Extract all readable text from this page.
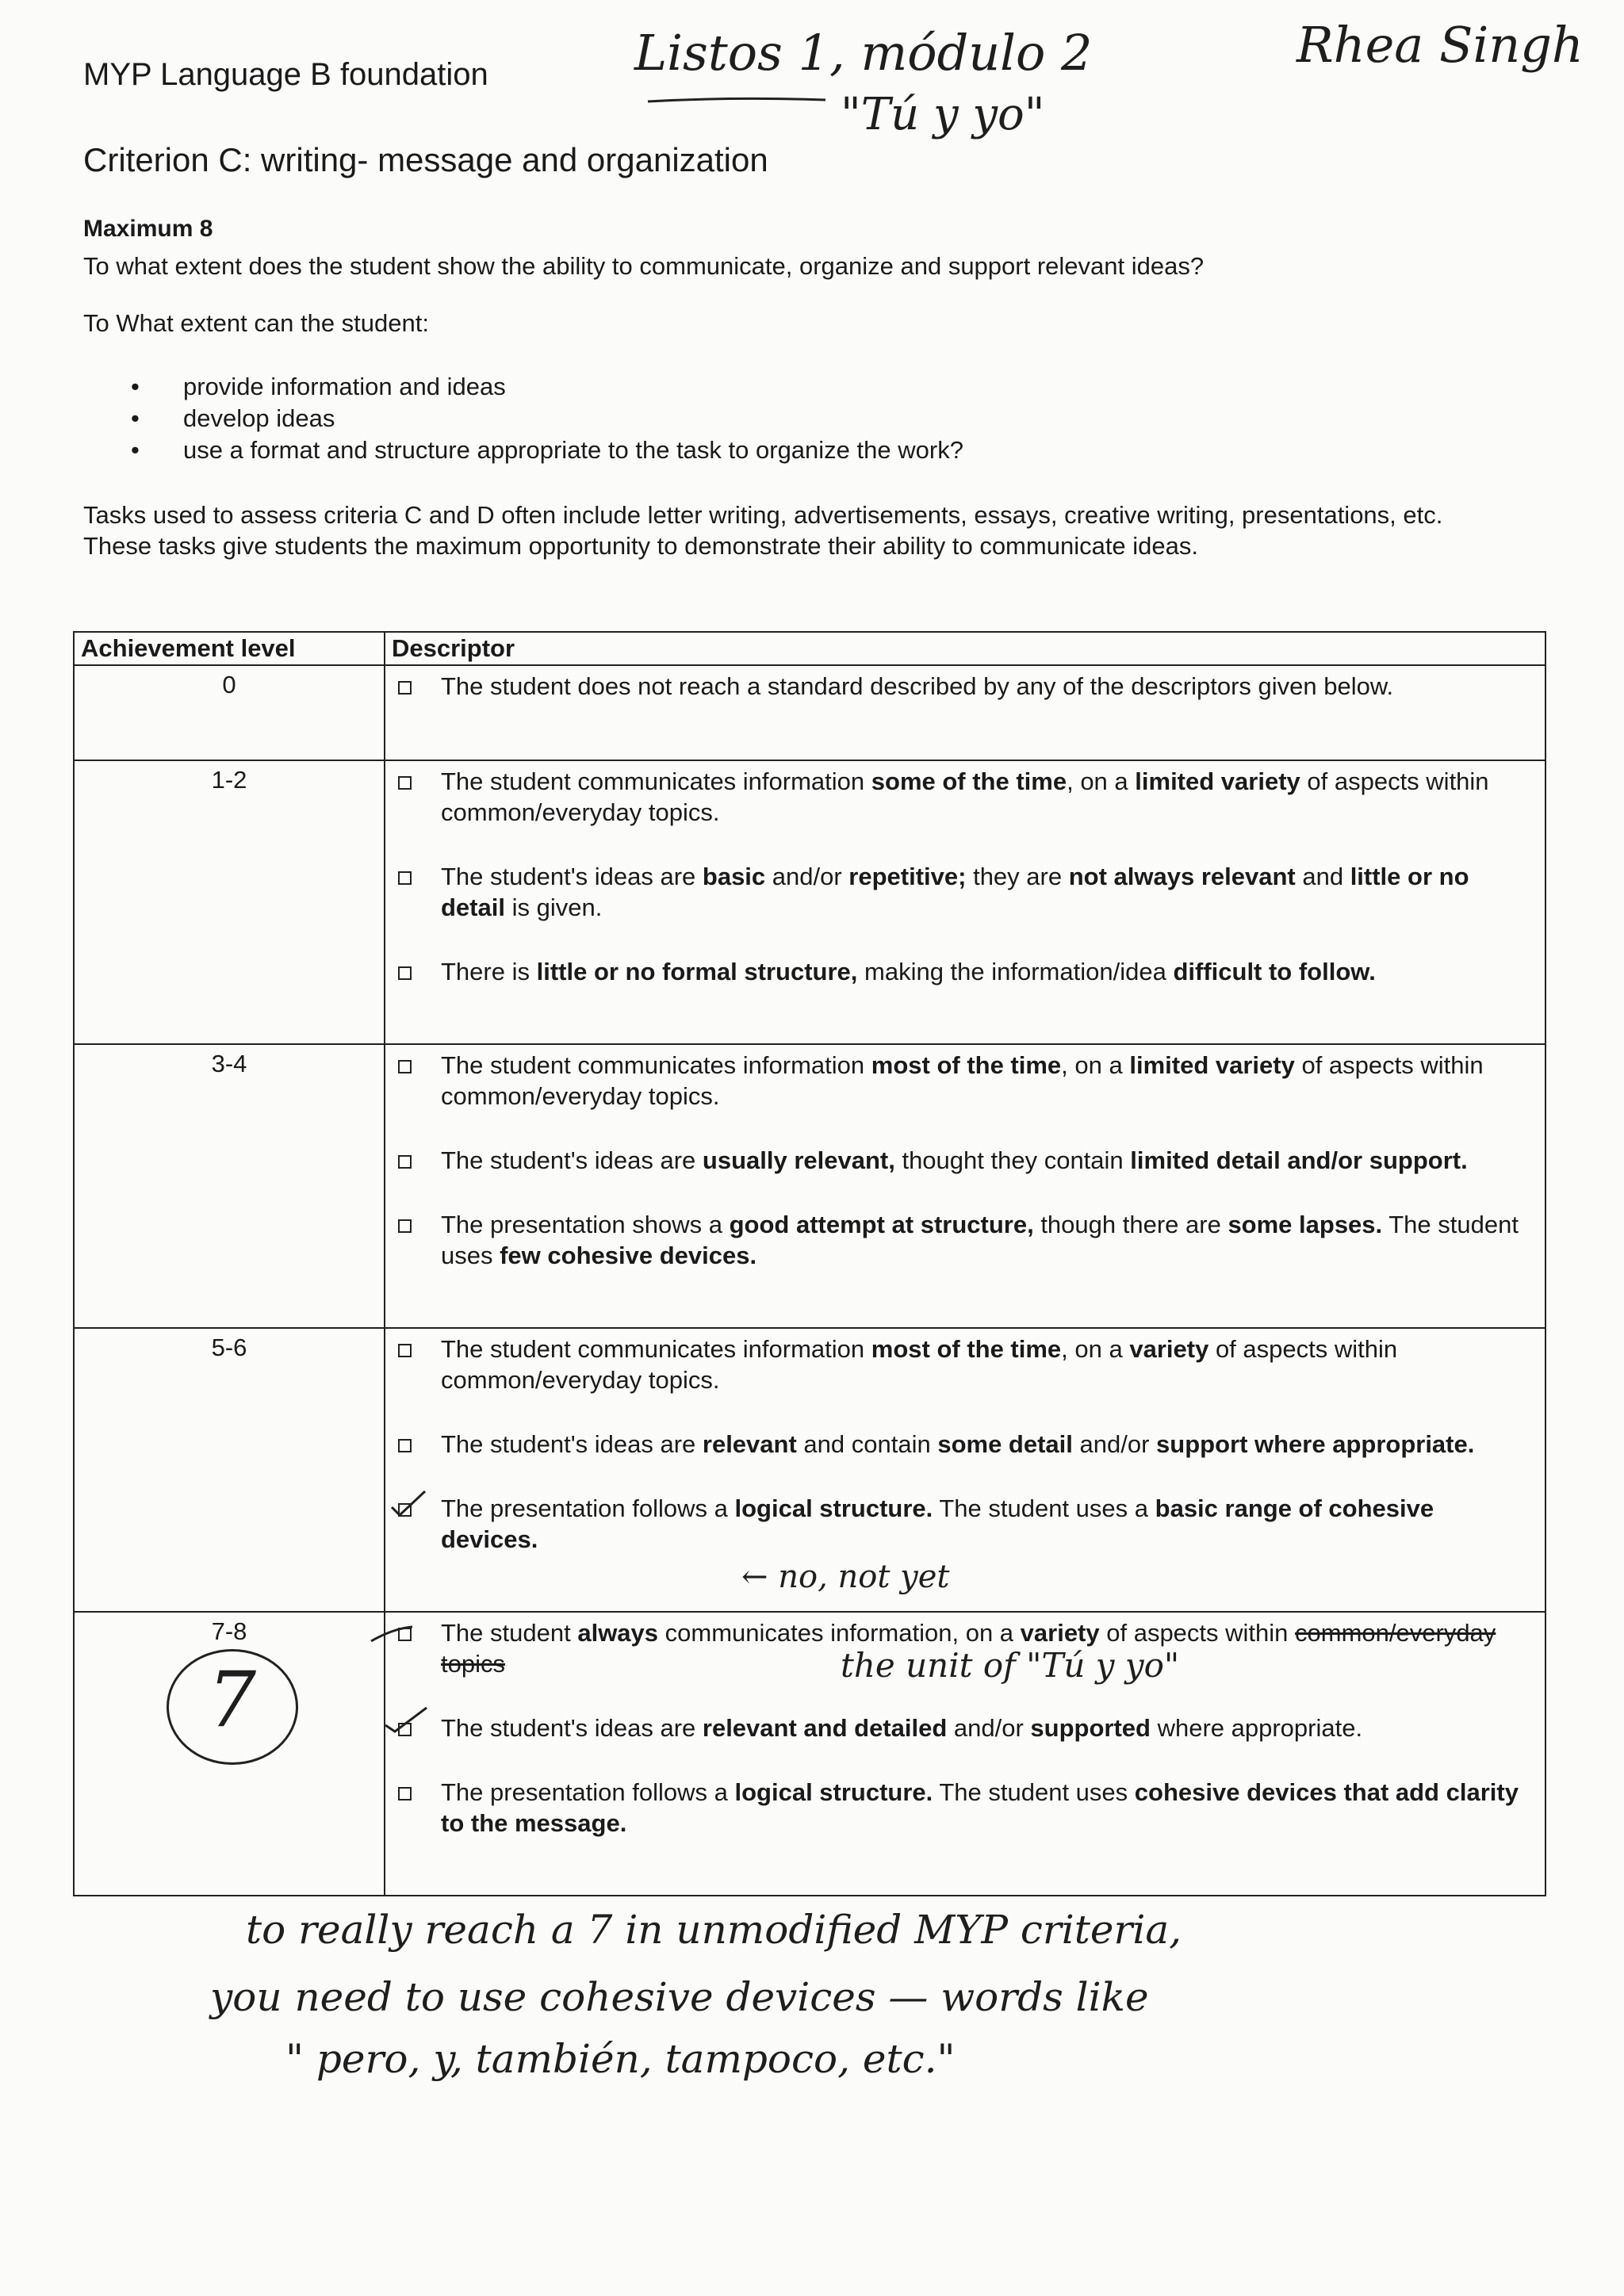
MYP Language B foundation
Criterion C: writing- message and organization
Listos 1, módulo 2
"Tú y yo"
Rhea Singh
Maximum 8
To what extent does the student show the ability to communicate, organize and support relevant ideas?
To What extent can the student:
• provide information and ideas
• develop ideas
• use a format and structure appropriate to the task to organize the work?
Tasks used to assess criteria C and D often include letter writing, advertisements, essays, creative writing, presentations, etc. These tasks give students the maximum opportunity to demonstrate their ability to communicate ideas.
Achievement level	Descriptor
0	The student does not reach a standard described by any of the descriptors given below.

1-2	The student communicates information some of the time, on a limited variety of aspects within common/everyday topics.
The student's ideas are basic and/or repetitive; they are not always relevant and little or no detail is given.
There is little or no formal structure, making the information/idea difficult to follow.

3-4	The student communicates information most of the time, on a limited variety of aspects within common/everyday topics.
The student's ideas are usually relevant, thought they contain limited detail and/or support.
The presentation shows a good attempt at structure, though there are some lapses. The student uses few cohesive devices.

5-6	The student communicates information most of the time, on a variety of aspects within common/everyday topics.
The student's ideas are relevant and contain some detail and/or support where appropriate.
The presentation follows a logical structure. The student uses a basic range of cohesive devices.

7-8	The student always communicates information, on a variety of aspects within common/everyday topics
The student's ideas are relevant and detailed and/or supported where appropriate.
The presentation follows a logical structure. The student uses cohesive devices that add clarity to the message.
← no, not yet
the unit of "Tú y yo"
7
to really reach a 7 in unmodified MYP criteria,
you need to use cohesive devices — words like
" pero, y, también, tampoco, etc."
